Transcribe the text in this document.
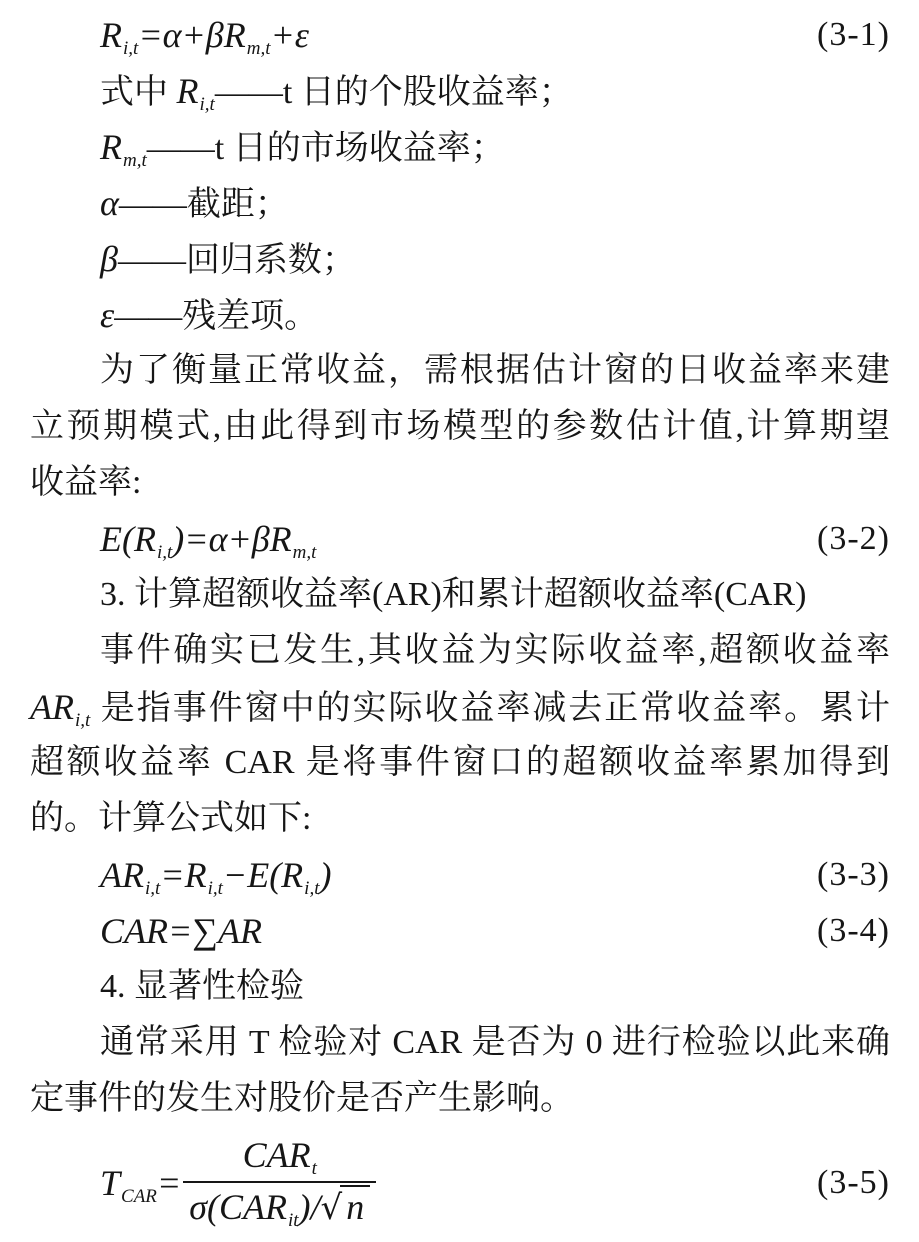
$R_{i,t}=\alpha+\beta R_{m,t}+\varepsilon$	(3-1)
式中 $R_{i,t}——t$ 日的个股收益率；
$R_{m,t}——t$ 日的市场收益率；
α——截距；
β——回归系数；
ε——残差项。
为了衡量正常收益，需根据估计窗的日收益率来建
立预期模式,由此得到市场模型的参数估计值,计算期望
收益率:
$E(R_{i,t})=\alpha+\beta R_{m,t}$	(3-2)
3. 计算超额收益率(AR)和累计超额收益率(CAR)
事件确实已发生,其收益为实际收益率,超额收益率
$AR_{i,t}$ 是指事件窗中的实际收益率减去正常收益率。累计
超额收益率 CAR 是将事件窗口的超额收益率累加得到
的。计算公式如下:
$AR_{i,t}=R_{i,t}-E(R_{i,t})$	(3-3)
CAR=∑AR	(3-4)
4. 显著性检验
通常采用 T 检验对 CAR 是否为 0 进行检验以此来确
定事件的发生对股价是否产生影响。
$T_{CAR}= \frac{CAR_t}{\sigma(CAR_{it})/√ n}$	(3-5)
